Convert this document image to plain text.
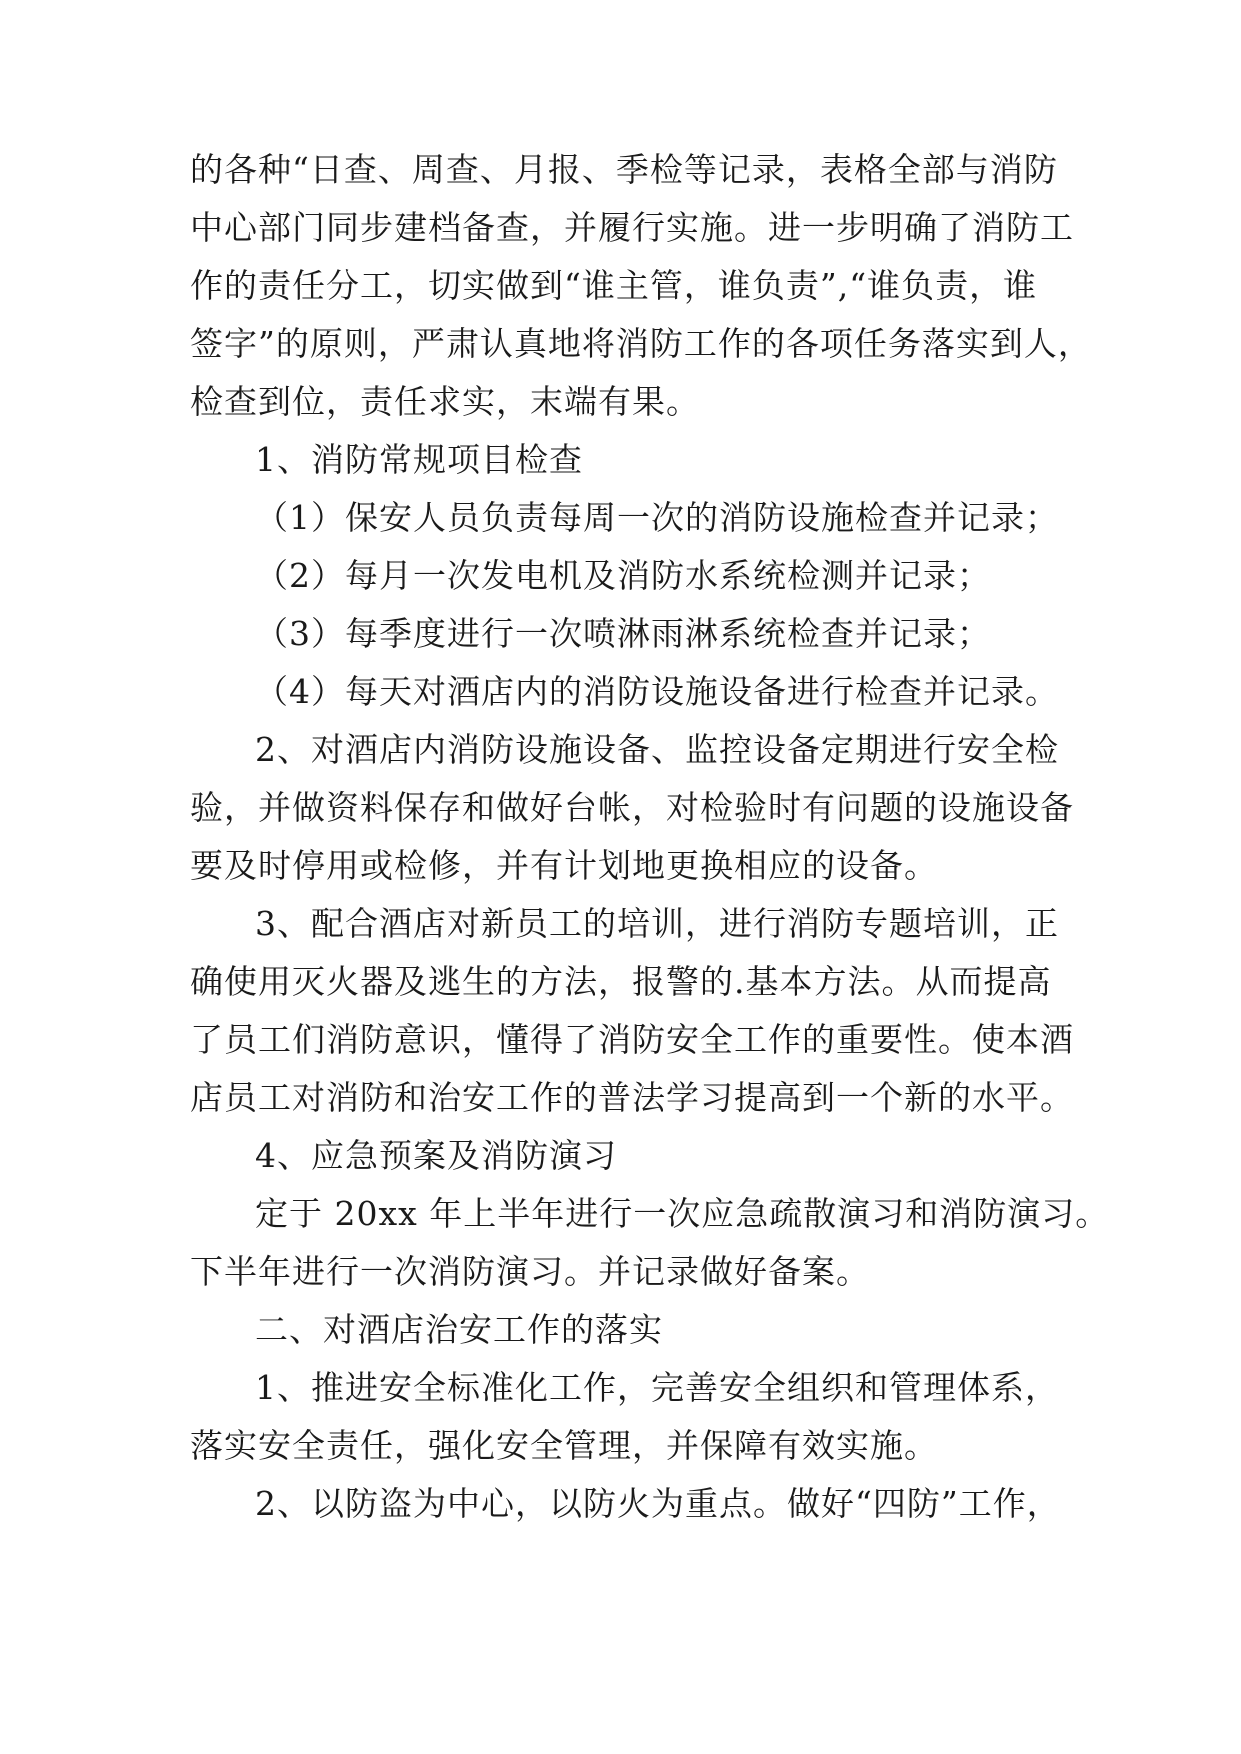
的各种“日查、周查、月报、季检等记录，表格全部与消防
中心部门同步建档备查，并履行实施。进一步明确了消防工
作的责任分工，切实做到“谁主管，谁负责”,“谁负责，谁
签字”的原则，严肃认真地将消防工作的各项任务落实到人，
检查到位，责任求实，末端有果。
1、消防常规项目检查
（1）保安人员负责每周一次的消防设施检查并记录；
（2）每月一次发电机及消防水系统检测并记录；
（3）每季度进行一次喷淋雨淋系统检查并记录；
（4）每天对酒店内的消防设施设备进行检查并记录。
2、对酒店内消防设施设备、监控设备定期进行安全检
验，并做资料保存和做好台帐，对检验时有问题的设施设备
要及时停用或检修，并有计划地更换相应的设备。
3、配合酒店对新员工的培训，进行消防专题培训，正
确使用灭火器及逃生的方法，报警的.基本方法。从而提高
了员工们消防意识，懂得了消防安全工作的重要性。使本酒
店员工对消防和治安工作的普法学习提高到一个新的水平。
4、应急预案及消防演习
定于 20xx 年上半年进行一次应急疏散演习和消防演习。
下半年进行一次消防演习。并记录做好备案。
二、对酒店治安工作的落实
1、推进安全标准化工作，完善安全组织和管理体系，
落实安全责任，强化安全管理，并保障有效实施。
2、以防盗为中心，以防火为重点。做好“四防”工作，
